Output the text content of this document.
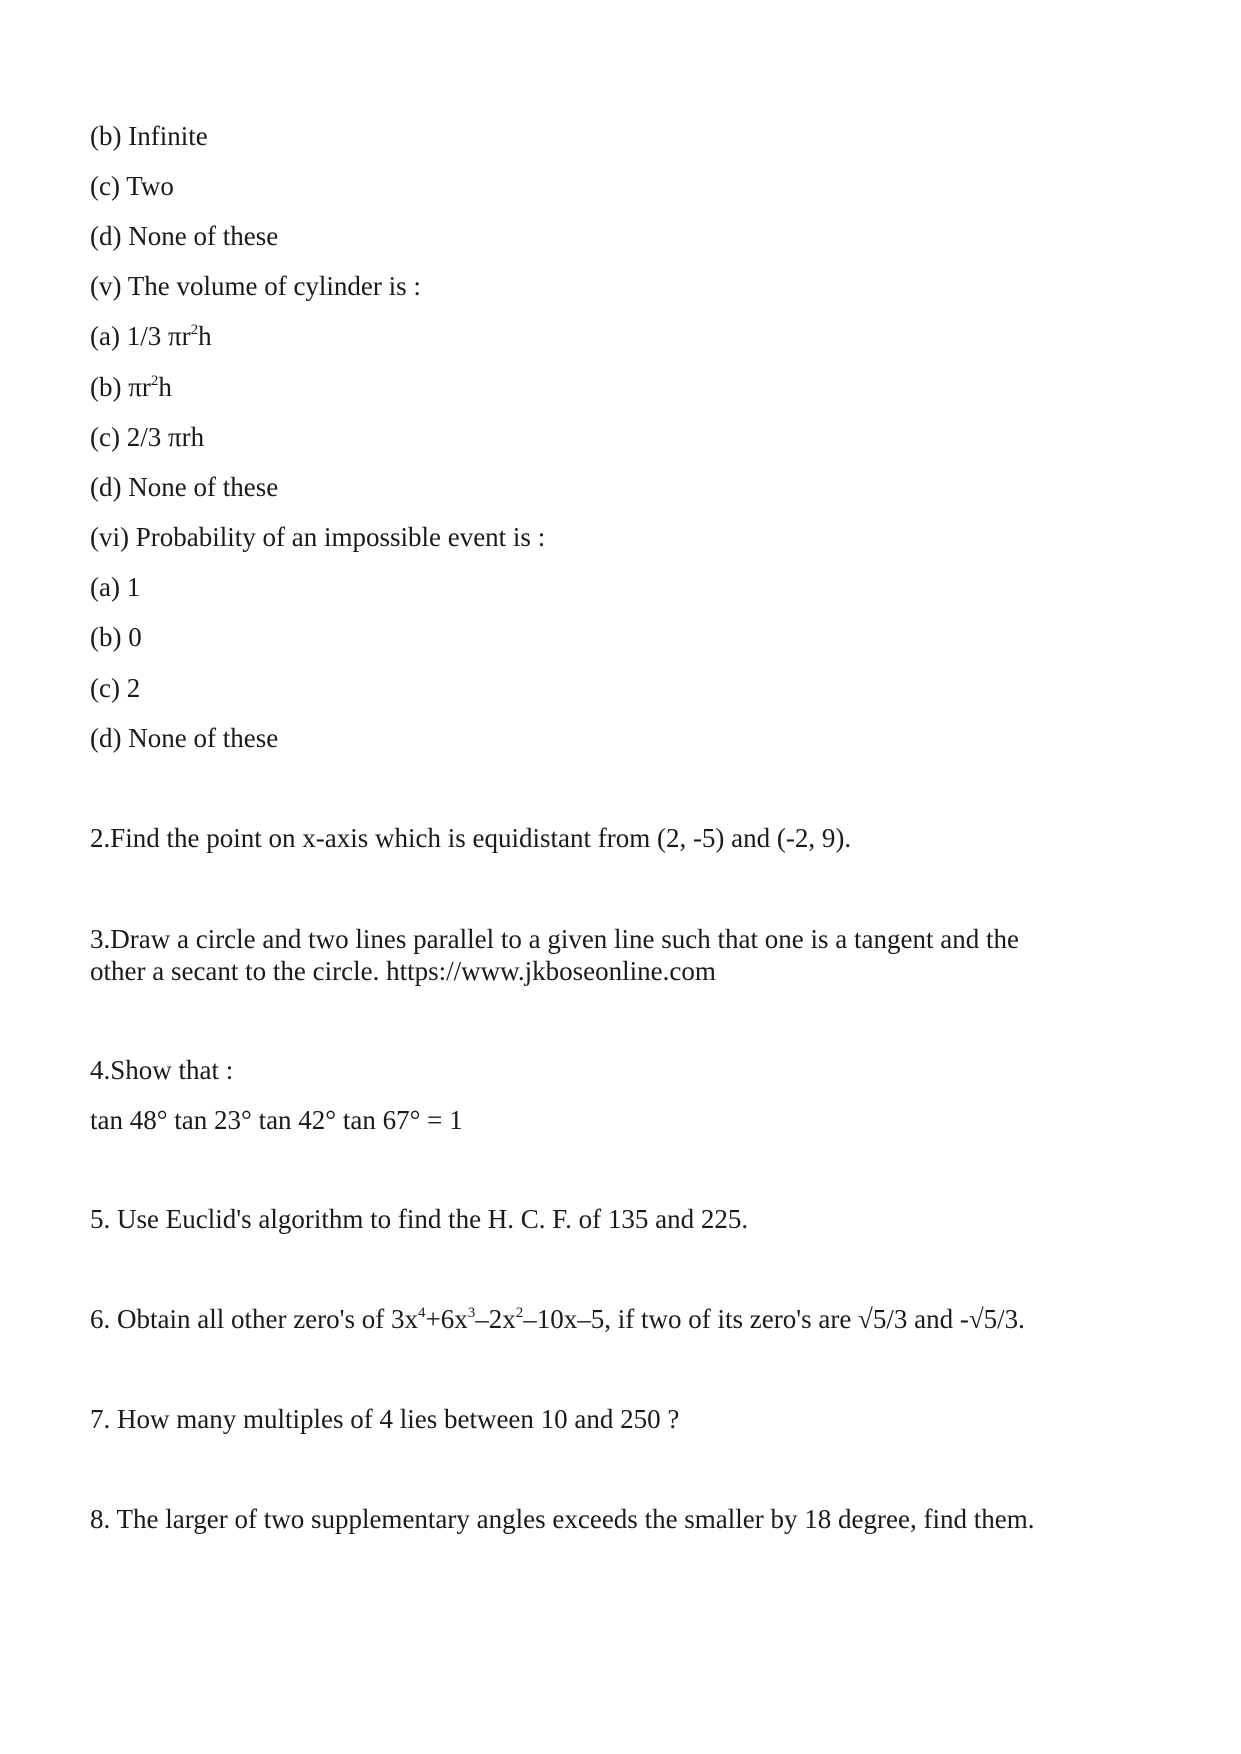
(b) Infinite
(c) Two
(d) None of these
(v) The volume of cylinder is :
(a) 1/3 $\pi r^2h$
(b) $\pi r^2h$
(c) 2/3 πrh
(d) None of these
(vi) Probability of an impossible event is :
(a) 1
(b) 0
(c) 2
(d) None of these
2.Find the point on x-axis which is equidistant from (2, -5) and (-2, 9).
3.Draw a circle and two lines parallel to a given line such that one is a tangent and the
other a secant to the circle. https://www.jkboseonline.com
4.Show that :
tan 48° tan 23° tan 42° tan 67° = 1
5. Use Euclid's algorithm to find the H. C. F. of 135 and 225.
6. Obtain all other zero's of $3x^4+6x^3-2x^2-10x-5$, if two of its zero's are √5/3 and -√5/3.
7. How many multiples of 4 lies between 10 and 250 ?
8. The larger of two supplementary angles exceeds the smaller by 18 degree, find them.
